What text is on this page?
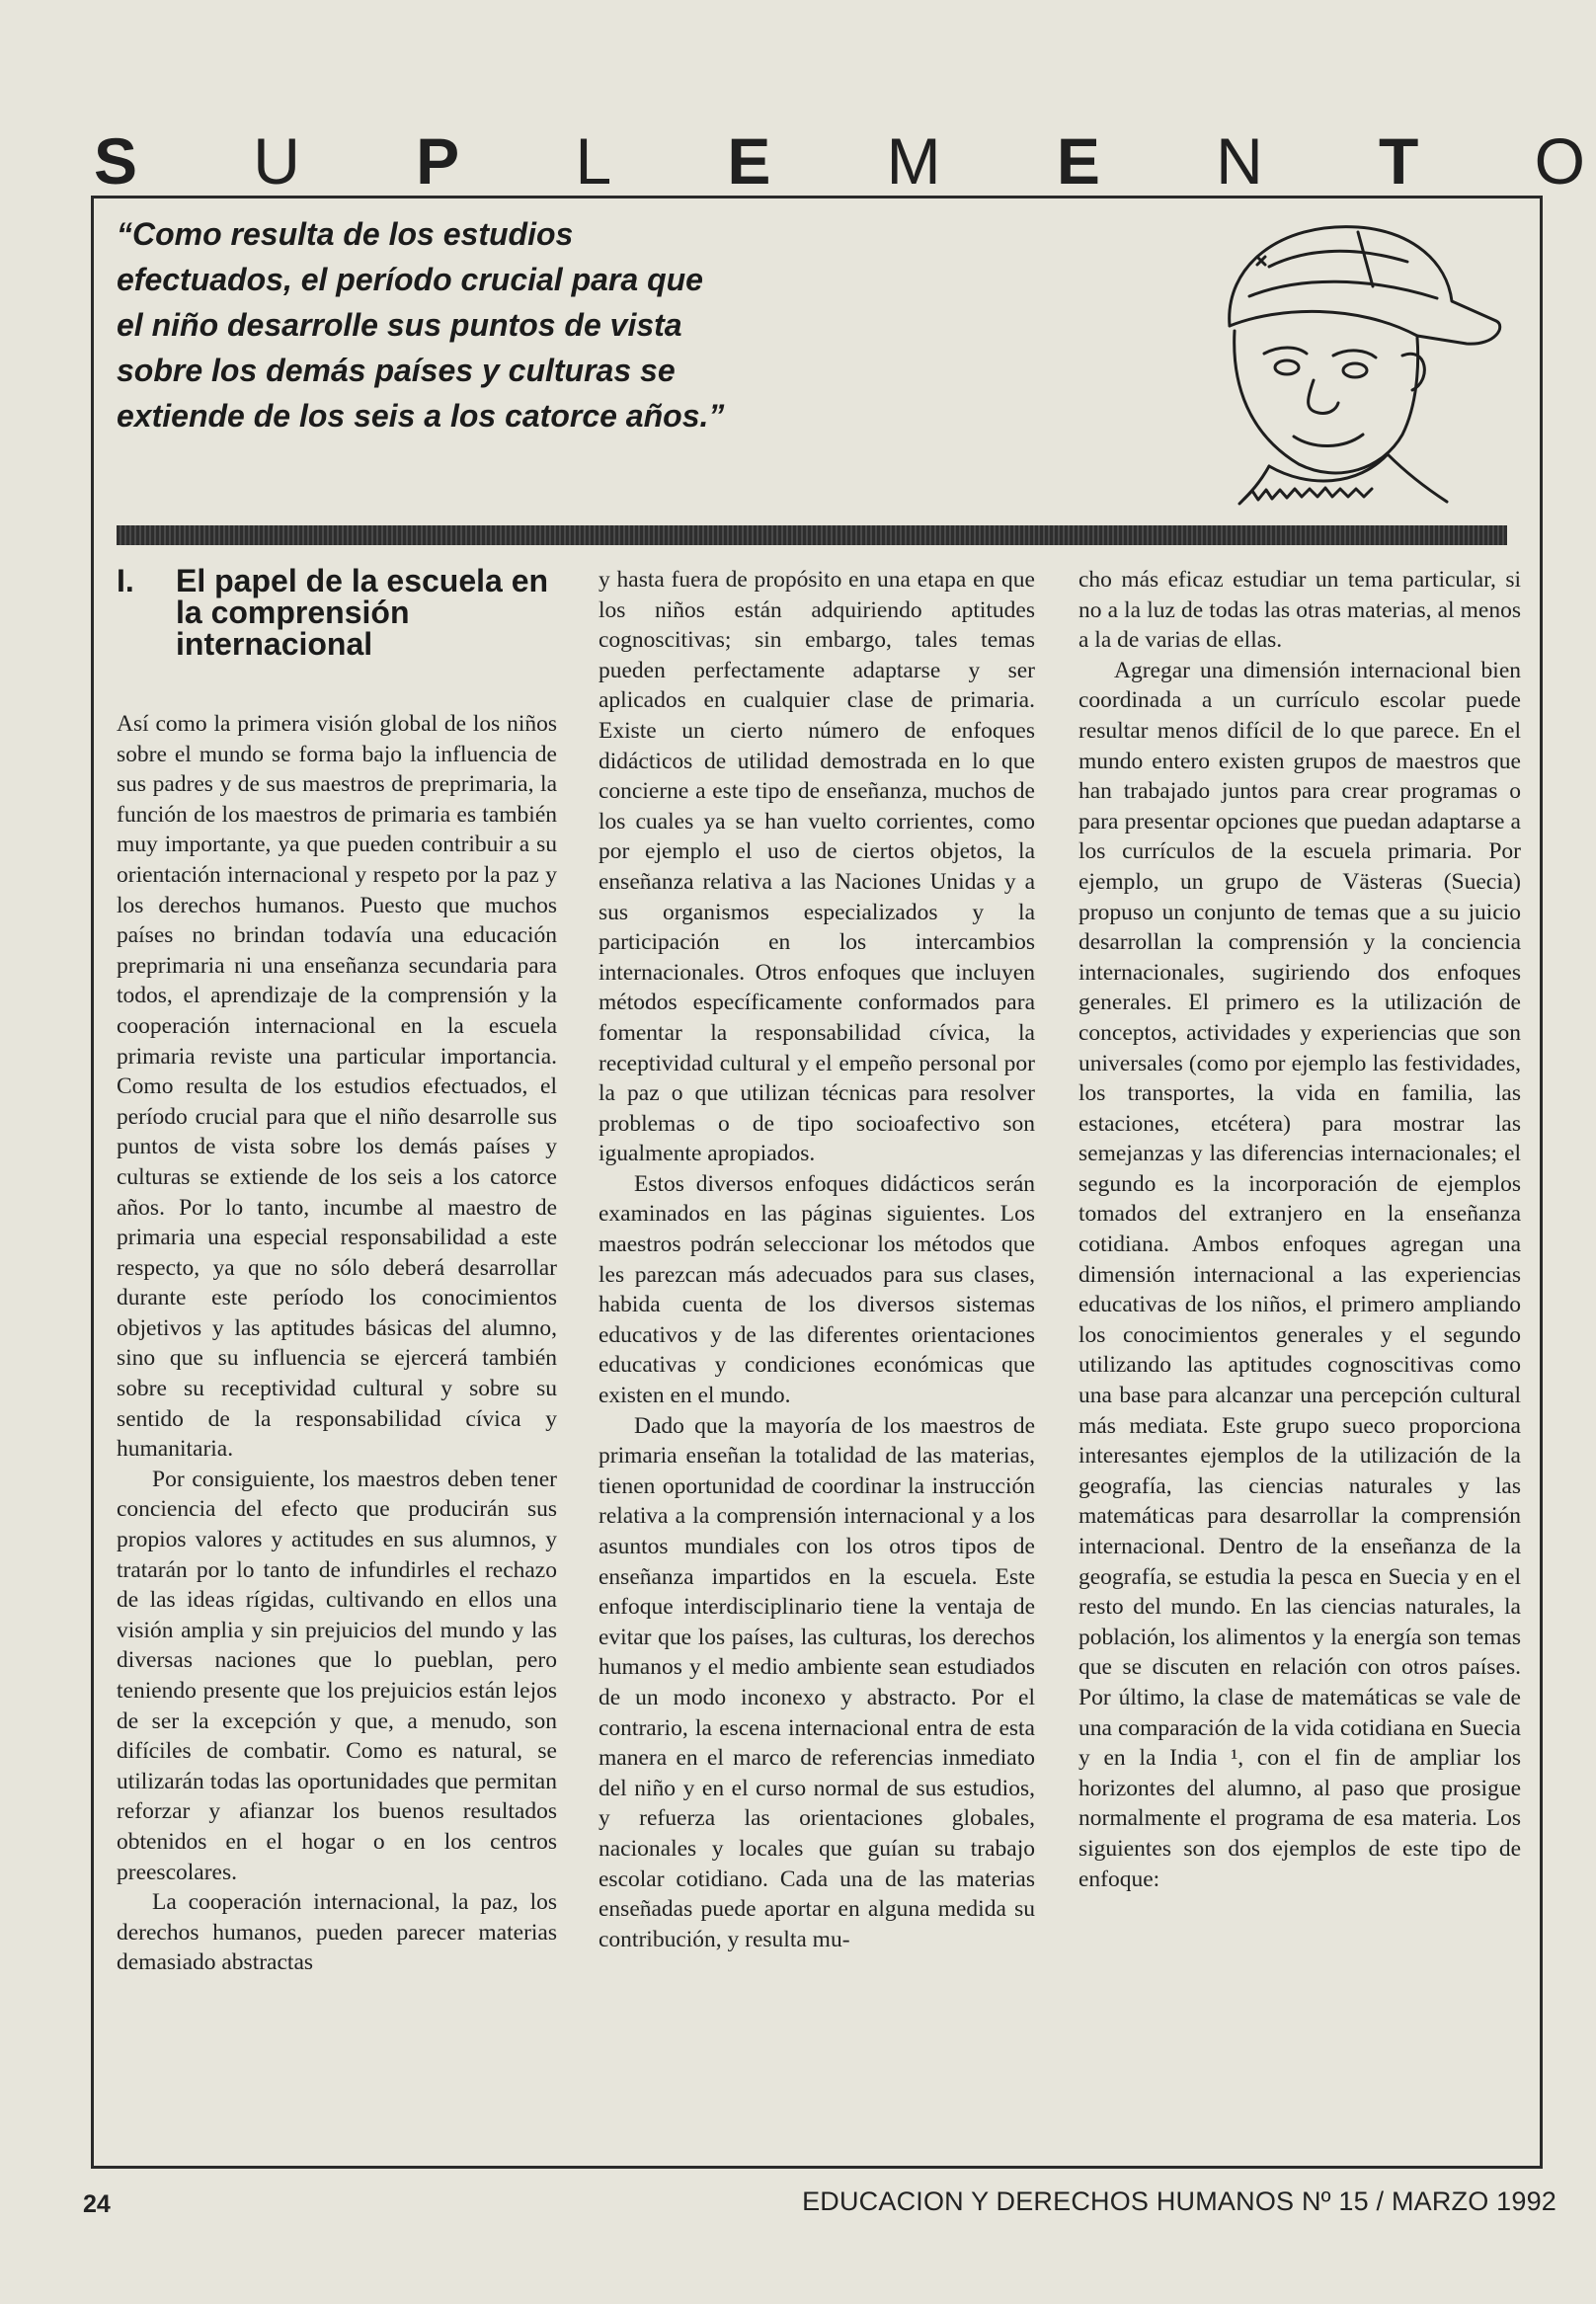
S U P L E M E N T O
“Como resulta de los estudios efectuados, el período crucial para que el niño desarrolle sus puntos de vista sobre los demás países y culturas se extiende de los seis a los catorce años.”
I.	El papel de la escuela en la comprensión internacional

Así como la primera visión global de los niños sobre el mundo se forma bajo la influencia de sus padres y de sus maestros de preprimaria, la función de los maestros de primaria es también muy importante, ya que pueden contribuir a su orientación internacional y respeto por la paz y los derechos humanos. Puesto que muchos países no brindan todavía una educación preprimaria ni una enseñanza secundaria para todos, el aprendizaje de la comprensión y la cooperación internacional en la escuela primaria reviste una particular importancia. Como resulta de los estudios efectuados, el período crucial para que el niño desarrolle sus puntos de vista sobre los demás países y culturas se extiende de los seis a los catorce años. Por lo tanto, incumbe al maestro de primaria una especial responsabilidad a este respecto, ya que no sólo deberá desarrollar durante este período los conocimientos objetivos y las aptitudes básicas del alumno, sino que su influencia se ejercerá también sobre su receptividad cultural y sobre su sentido de la responsabilidad cívica y humanitaria.

Por consiguiente, los maestros deben tener conciencia del efecto que producirán sus propios valores y actitudes en sus alumnos, y tratarán por lo tanto de infundirles el rechazo de las ideas rígidas, cultivando en ellos una visión amplia y sin prejuicios del mundo y las diversas naciones que lo pueblan, pero teniendo presente que los prejuicios están lejos de ser la excepción y que, a menudo, son difíciles de combatir. Como es natural, se utilizarán todas las oportunidades que permitan reforzar y afianzar los buenos resultados obtenidos en el hogar o en los centros preescolares.

La cooperación internacional, la paz, los derechos humanos, pueden parecer materias demasiado abstractas

y hasta fuera de propósito en una etapa en que los niños están adquiriendo aptitudes cognoscitivas; sin embargo, tales temas pueden perfectamente adaptarse y ser aplicados en cualquier clase de primaria. Existe un cierto número de enfoques didácticos de utilidad demostrada en lo que concierne a este tipo de enseñanza, muchos de los cuales ya se han vuelto corrientes, como por ejemplo el uso de ciertos objetos, la enseñanza relativa a las Naciones Unidas y a sus organismos especializados y la participación en los intercambios internacionales. Otros enfoques que incluyen métodos específicamente conformados para fomentar la responsabilidad cívica, la receptividad cultural y el empeño personal por la paz o que utilizan técnicas para resolver problemas o de tipo socioafectivo son igualmente apropiados.

Estos diversos enfoques didácticos serán examinados en las páginas siguientes. Los maestros podrán seleccionar los métodos que les parezcan más adecuados para sus clases, habida cuenta de los diversos sistemas educativos y de las diferentes orientaciones educativas y condiciones económicas que existen en el mundo.

Dado que la mayoría de los maestros de primaria enseñan la totalidad de las materias, tienen oportunidad de coordinar la instrucción relativa a la comprensión internacional y a los asuntos mundiales con los otros tipos de enseñanza impartidos en la escuela. Este enfoque interdisciplinario tiene la ventaja de evitar que los países, las culturas, los derechos humanos y el medio ambiente sean estudiados de un modo inconexo y abstracto. Por el contrario, la escena internacional entra de esta manera en el marco de referencias inmediato del niño y en el curso normal de sus estudios, y refuerza las orientaciones globales, nacionales y locales que guían su trabajo escolar cotidiano. Cada una de las materias enseñadas puede aportar en alguna medida su contribución, y resulta mu-

cho más eficaz estudiar un tema particular, si no a la luz de todas las otras materias, al menos a la de varias de ellas.

Agregar una dimensión internacional bien coordinada a un currículo escolar puede resultar menos difícil de lo que parece. En el mundo entero existen grupos de maestros que han trabajado juntos para crear programas o para presentar opciones que puedan adaptarse a los currículos de la escuela primaria. Por ejemplo, un grupo de Västeras (Suecia) propuso un conjunto de temas que a su juicio desarrollan la comprensión y la conciencia internacionales, sugiriendo dos enfoques generales. El primero es la utilización de conceptos, actividades y experiencias que son universales (como por ejemplo las festividades, los transportes, la vida en familia, las estaciones, etcétera) para mostrar las semejanzas y las diferencias internacionales; el segundo es la incorporación de ejemplos tomados del extranjero en la enseñanza cotidiana. Ambos enfoques agregan una dimensión internacional a las experiencias educativas de los niños, el primero ampliando los conocimientos generales y el segundo utilizando las aptitudes cognoscitivas como una base para alcanzar una percepción cultural más mediata. Este grupo sueco proporciona interesantes ejemplos de la utilización de la geografía, las ciencias naturales y las matemáticas para desarrollar la comprensión internacional. Dentro de la enseñanza de la geografía, se estudia la pesca en Suecia y en el resto del mundo. En las ciencias naturales, la población, los alimentos y la energía son temas que se discuten en relación con otros países. Por último, la clase de matemáticas se vale de una comparación de la vida cotidiana en Suecia y en la India ¹, con el fin de ampliar los horizontes del alumno, al paso que prosigue normalmente el programa de esa materia. Los siguientes son dos ejemplos de este tipo de enfoque:

24	EDUCACION Y DERECHOS HUMANOS Nº 15 / MARZO 1992
